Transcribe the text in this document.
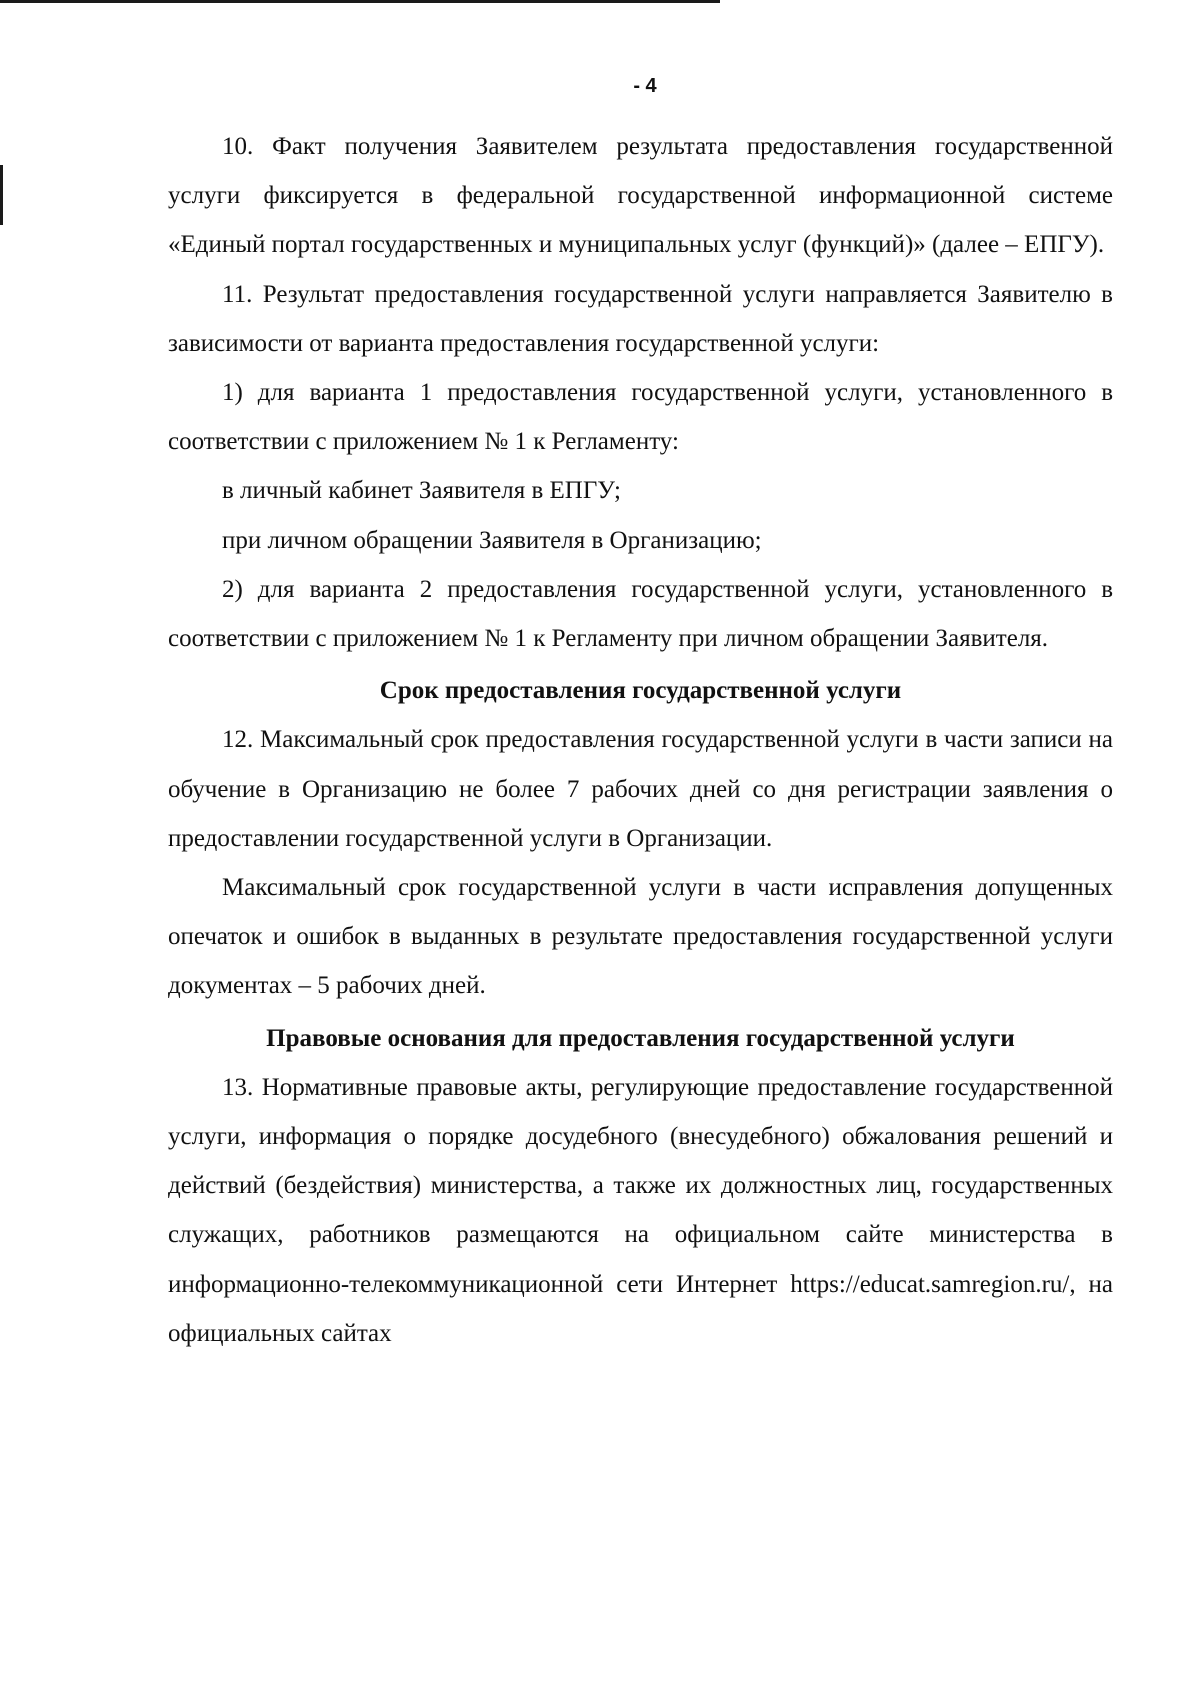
- 4

10. Факт получения Заявителем результата предоставления государственной услуги фиксируется в федеральной государственной информационной системе «Единый портал государственных и муниципальных услуг (функций)» (далее – ЕПГУ).

11. Результат предоставления государственной услуги направляется Заявителю в зависимости от варианта предоставления государственной услуги:

1) для варианта 1 предоставления государственной услуги, установленного в соответствии с приложением № 1 к Регламенту:

в личный кабинет Заявителя в ЕПГУ;

при личном обращении Заявителя в Организацию;

2) для варианта 2 предоставления государственной услуги, установленного в соответствии с приложением № 1 к Регламенту при личном обращении Заявителя.

Срок предоставления государственной услуги

12. Максимальный срок предоставления государственной услуги в части записи на обучение в Организацию не более 7 рабочих дней со дня регистрации заявления о предоставлении государственной услуги в Организации.

Максимальный срок государственной услуги в части исправления допущенных опечаток и ошибок в выданных в результате предоставления государственной услуги документах – 5 рабочих дней.

Правовые основания для предоставления государственной услуги

13. Нормативные правовые акты, регулирующие предоставление государственной услуги, информация о порядке досудебного (внесудебного) обжалования решений и действий (бездействия) министерства, а также их должностных лиц, государственных служащих, работников размещаются на официальном сайте министерства в информационно-телекоммуникационной сети Интернет https://educat.samregion.ru/, на официальных сайтах
